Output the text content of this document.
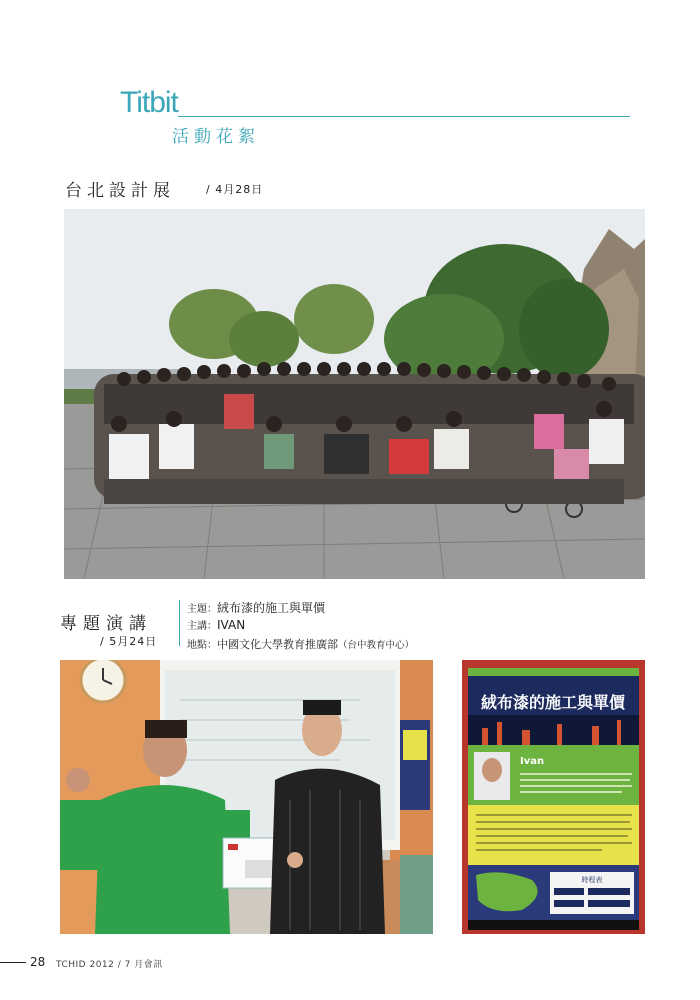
Titbit
活動花絮
台北設計展	/ 4月28日
專題演講
/ 5月24日
主題：絨布漆的施工與單價
主講：IVAN
地點：中國文化大學教育推廣部（台中教育中心）
絨布漆的施工與單價
Ivan
時程表
28 TCHID 2012 / 7 月會訊
